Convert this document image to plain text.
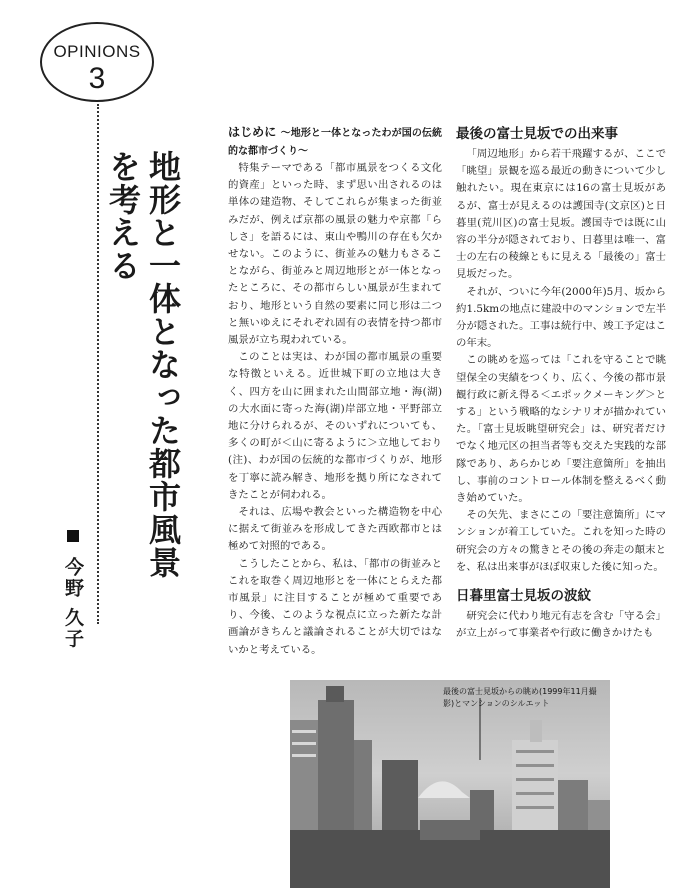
OPINIONS
3
地形と一体となった都市風景を考える
今野 久子
はじめに ～地形と一体となったわが国の伝統的な都市づくり～

特集テーマである「都市風景をつくる文化的資産」といった時、まず思い出されるのは単体の建造物、そしてこれらが集まった街並みだが、例えば京都の風景の魅力や京都「らしさ」を語るには、東山や鴨川の存在も欠かせない。このように、街並みの魅力もさることながら、街並みと周辺地形とが一体となったところに、その都市らしい風景が生まれており、地形という自然の要素に同じ形は二つと無いゆえにそれぞれ固有の表情を持つ都市風景が立ち現われている。

このことは実は、わが国の都市風景の重要な特徴といえる。近世城下町の立地は大きく、四方を山に囲まれた山間部立地・海(湖)の大水面に寄った海(湖)岸部立地・平野部立地に分けられるが、そのいずれについても、多くの町が＜山に寄るように＞立地しており(注)、わが国の伝統的な都市づくりが、地形を丁寧に読み解き、地形を拠り所になされてきたことが伺われる。

それは、広場や教会といった構造物を中心に据えて街並みを形成してきた西欧都市とは極めて対照的である。

こうしたことから、私は、「都市の街並みとこれを取巻く周辺地形とを一体にとらえた都市風景」に注目することが極めて重要であり、今後、このような視点に立った新たな計画論がきちんと議論されることが大切ではないかと考えている。

最後の富士見坂での出来事

「周辺地形」から若干飛躍するが、ここで「眺望」景観を巡る最近の動きについて少し触れたい。現在東京には16の富士見坂があるが、富士が見えるのは護国寺(文京区)と日暮里(荒川区)の富士見坂。護国寺では既に山容の半分が隠されており、日暮里は唯一、富士の左右の稜線ともに見える「最後の」富士見坂だった。

それが、ついに今年(2000年)5月、坂から約1.5kmの地点に建設中のマンションで左半分が隠された。工事は続行中、竣工予定はこの年末。

この眺めを巡っては「これを守ることで眺望保全の実績をつくり、広く、今後の都市景観行政に新え得る＜エポックメーキング＞とする」という戦略的なシナリオが描かれていた。「富士見坂眺望研究会」は、研究者だけでなく地元区の担当者等も交えた実践的な部隊であり、あらかじめ「要注意箇所」を抽出し、事前のコントロール体制を整えるべく動き始めていた。

その矢先、まさにこの「要注意箇所」にマンションが着工していた。これを知った時の研究会の方々の驚きとその後の奔走の顛末とを、私は出来事がほぼ収束した後に知った。

日暮里富士見坂の波紋

研究会に代わり地元有志を含む「守る会」が立上がって事業者や行政に働きかけたも

最後の富士見坂からの眺め(1999年11月撮影)とマンションのシルエット
